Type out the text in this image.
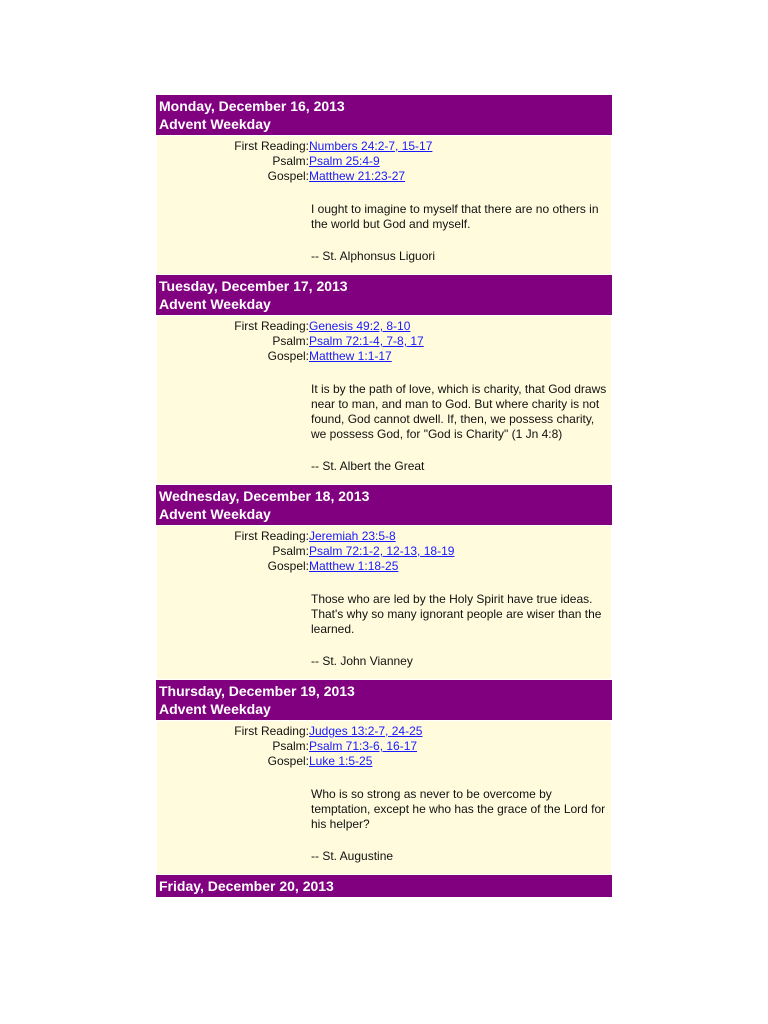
Monday, December 16, 2013
Advent Weekday
First Reading: Numbers 24:2-7, 15-17
Psalm: Psalm 25:4-9
Gospel: Matthew 21:23-27

I ought to imagine to myself that there are no others in the world but God and myself.

-- St. Alphonsus Liguori

Tuesday, December 17, 2013
Advent Weekday
First Reading: Genesis 49:2, 8-10
Psalm: Psalm 72:1-4, 7-8, 17
Gospel: Matthew 1:1-17

It is by the path of love, which is charity, that God draws near to man, and man to God. But where charity is not found, God cannot dwell. If, then, we possess charity, we possess God, for "God is Charity" (1 Jn 4:8)

-- St. Albert the Great

Wednesday, December 18, 2013
Advent Weekday
First Reading: Jeremiah 23:5-8
Psalm: Psalm 72:1-2, 12-13, 18-19
Gospel: Matthew 1:18-25

Those who are led by the Holy Spirit have true ideas. That's why so many ignorant people are wiser than the learned.

-- St. John Vianney

Thursday, December 19, 2013
Advent Weekday
First Reading: Judges 13:2-7, 24-25
Psalm: Psalm 71:3-6, 16-17
Gospel: Luke 1:5-25

Who is so strong as never to be overcome by temptation, except he who has the grace of the Lord for his helper?

-- St. Augustine

Friday, December 20, 2013
